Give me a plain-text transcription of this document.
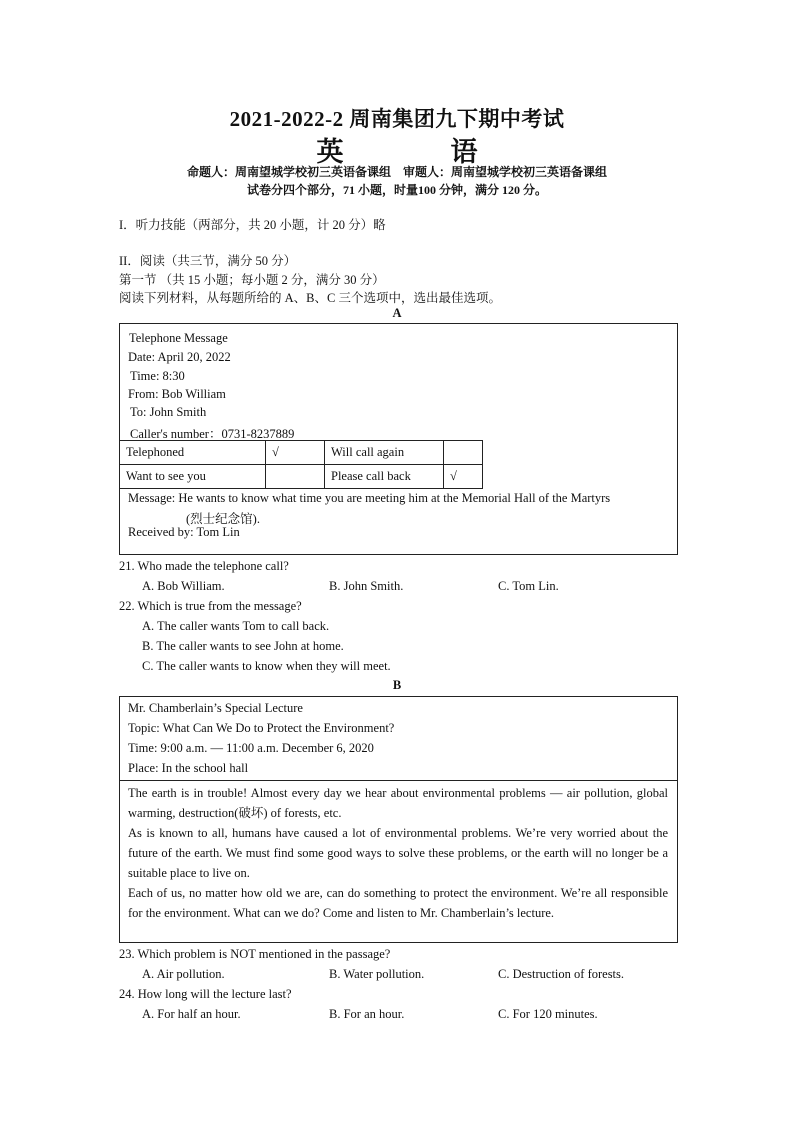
2021-2022-2 周南集团九下期中考试
英　语
命题人：周南望城学校初三英语备课组　审题人：周南望城学校初三英语备课组
试卷分四个部分，71 小题，时量100 分钟，满分 120 分。
I．听力技能（两部分，共 20 小题，计 20 分）略
II．阅读（共三节，满分 50 分）
第一节 （共 15 小题；每小题 2 分，满分 30 分）
阅读下列材料，从每题所给的 A、B、C 三个选项中，选出最佳选项。
A
Telephone Message
Date: April 20, 2022
Time: 8:30
From: Bob William
To: John Smith
Caller's number：0731-8237889
Telephoned	√	Will call again	
Want to see you		Please call back	√
Message: He wants to know what time you are meeting him at the Memorial Hall of the Martyrs
(烈士纪念馆).
Received by: Tom Lin
21. Who made the telephone call?
A. Bob William.	B. John Smith.	C. Tom Lin.
22. Which is true from the message?
A. The caller wants Tom to call back.
B. The caller wants to see John at home.
C. The caller wants to know when they will meet.
B
Mr. Chamberlain’s Special Lecture
Topic: What Can We Do to Protect the Environment?
Time: 9:00 a.m. — 11:00 a.m. December 6, 2020
Place: In the school hall
The earth is in trouble! Almost every day we hear about environmental problems — air pollution, global warming, destruction(破坏) of forests, etc.
As is known to all, humans have caused a lot of environmental problems. We’re very worried about the future of the earth. We must find some good ways to solve these problems, or the earth will no longer be a suitable place to live on.
Each of us, no matter how old we are, can do something to protect the environment. We’re all responsible for the environment. What can we do? Come and listen to Mr. Chamberlain’s lecture.
23. Which problem is NOT mentioned in the passage?
A. Air pollution.	B. Water pollution.	C. Destruction of forests.
24. How long will the lecture last?
A. For half an hour.	B. For an hour.	C. For 120 minutes.
